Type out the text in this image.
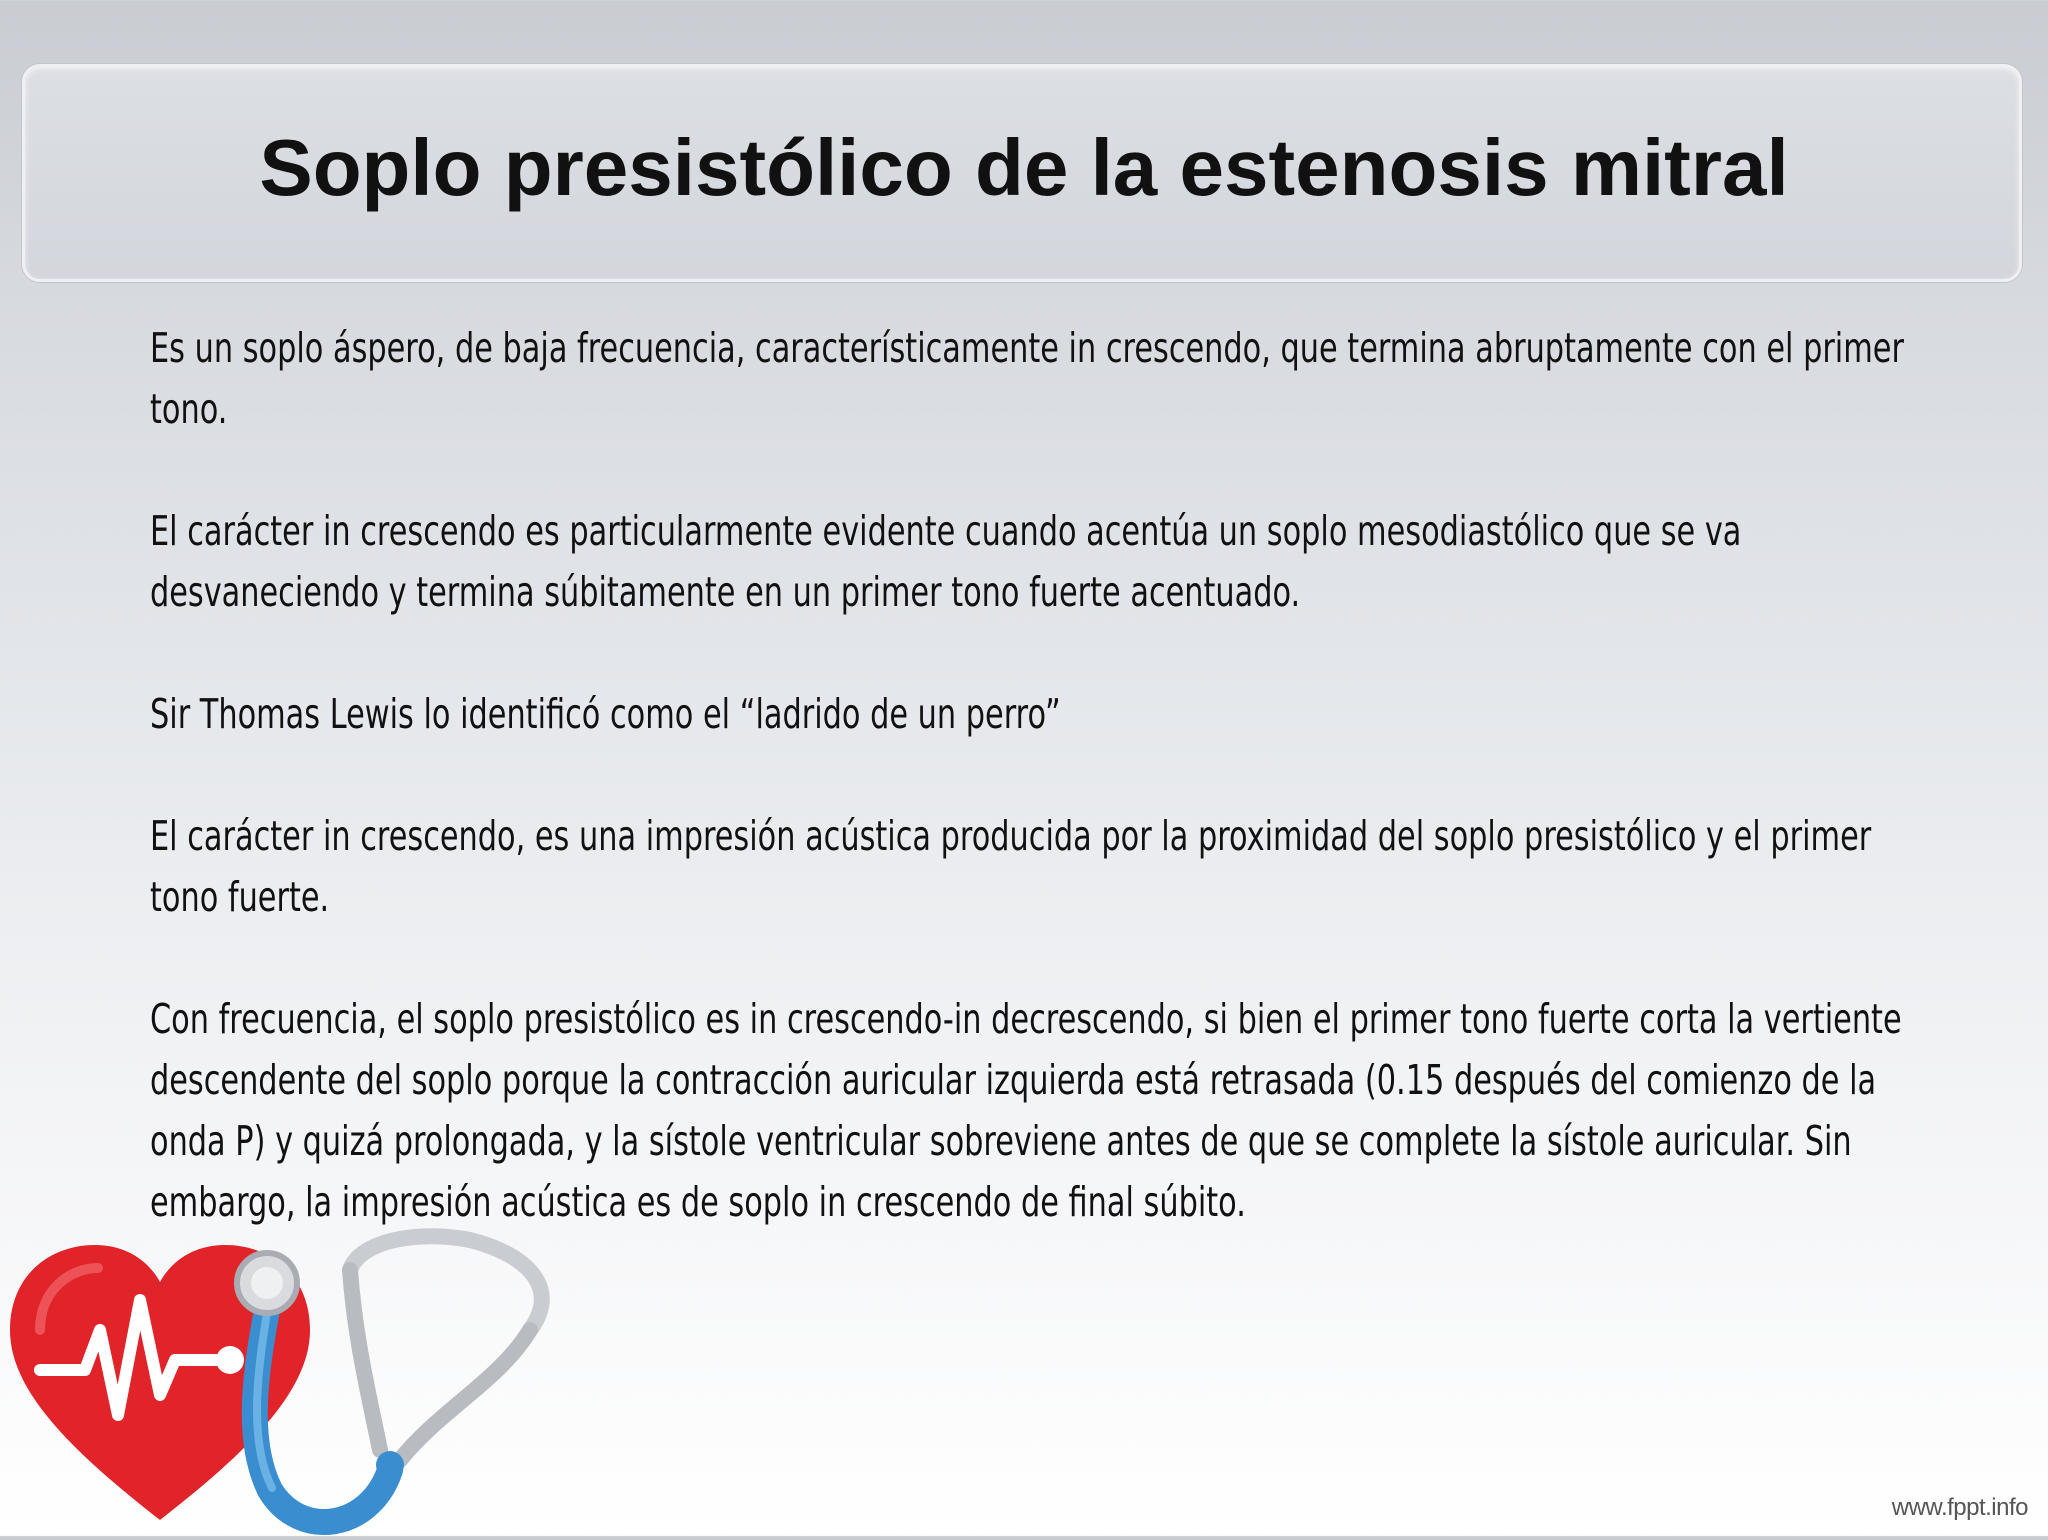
Soplo presistólico de la estenosis mitral

Es un soplo áspero, de baja frecuencia, característicamente in crescendo, que termina abruptamente con el primer tono.

El carácter in crescendo es particularmente evidente cuando acentúa un soplo mesodiastólico que se va desvaneciendo y termina súbitamente en un primer tono fuerte acentuado.

Sir Thomas Lewis lo identificó como el “ladrido de un perro”

El carácter in crescendo, es una impresión acústica producida por la proximidad del soplo presistólico y el primer tono fuerte.

Con frecuencia, el soplo presistólico es in crescendo-in decrescendo, si bien el primer tono fuerte corta la vertiente descendente del soplo porque la contracción auricular izquierda está retrasada (0.15 después del comienzo de la onda P) y quizá prolongada, y la sístole ventricular sobreviene antes de que se complete la sístole auricular. Sin embargo, la impresión acústica es de soplo in crescendo de final súbito.

www.fppt.info
